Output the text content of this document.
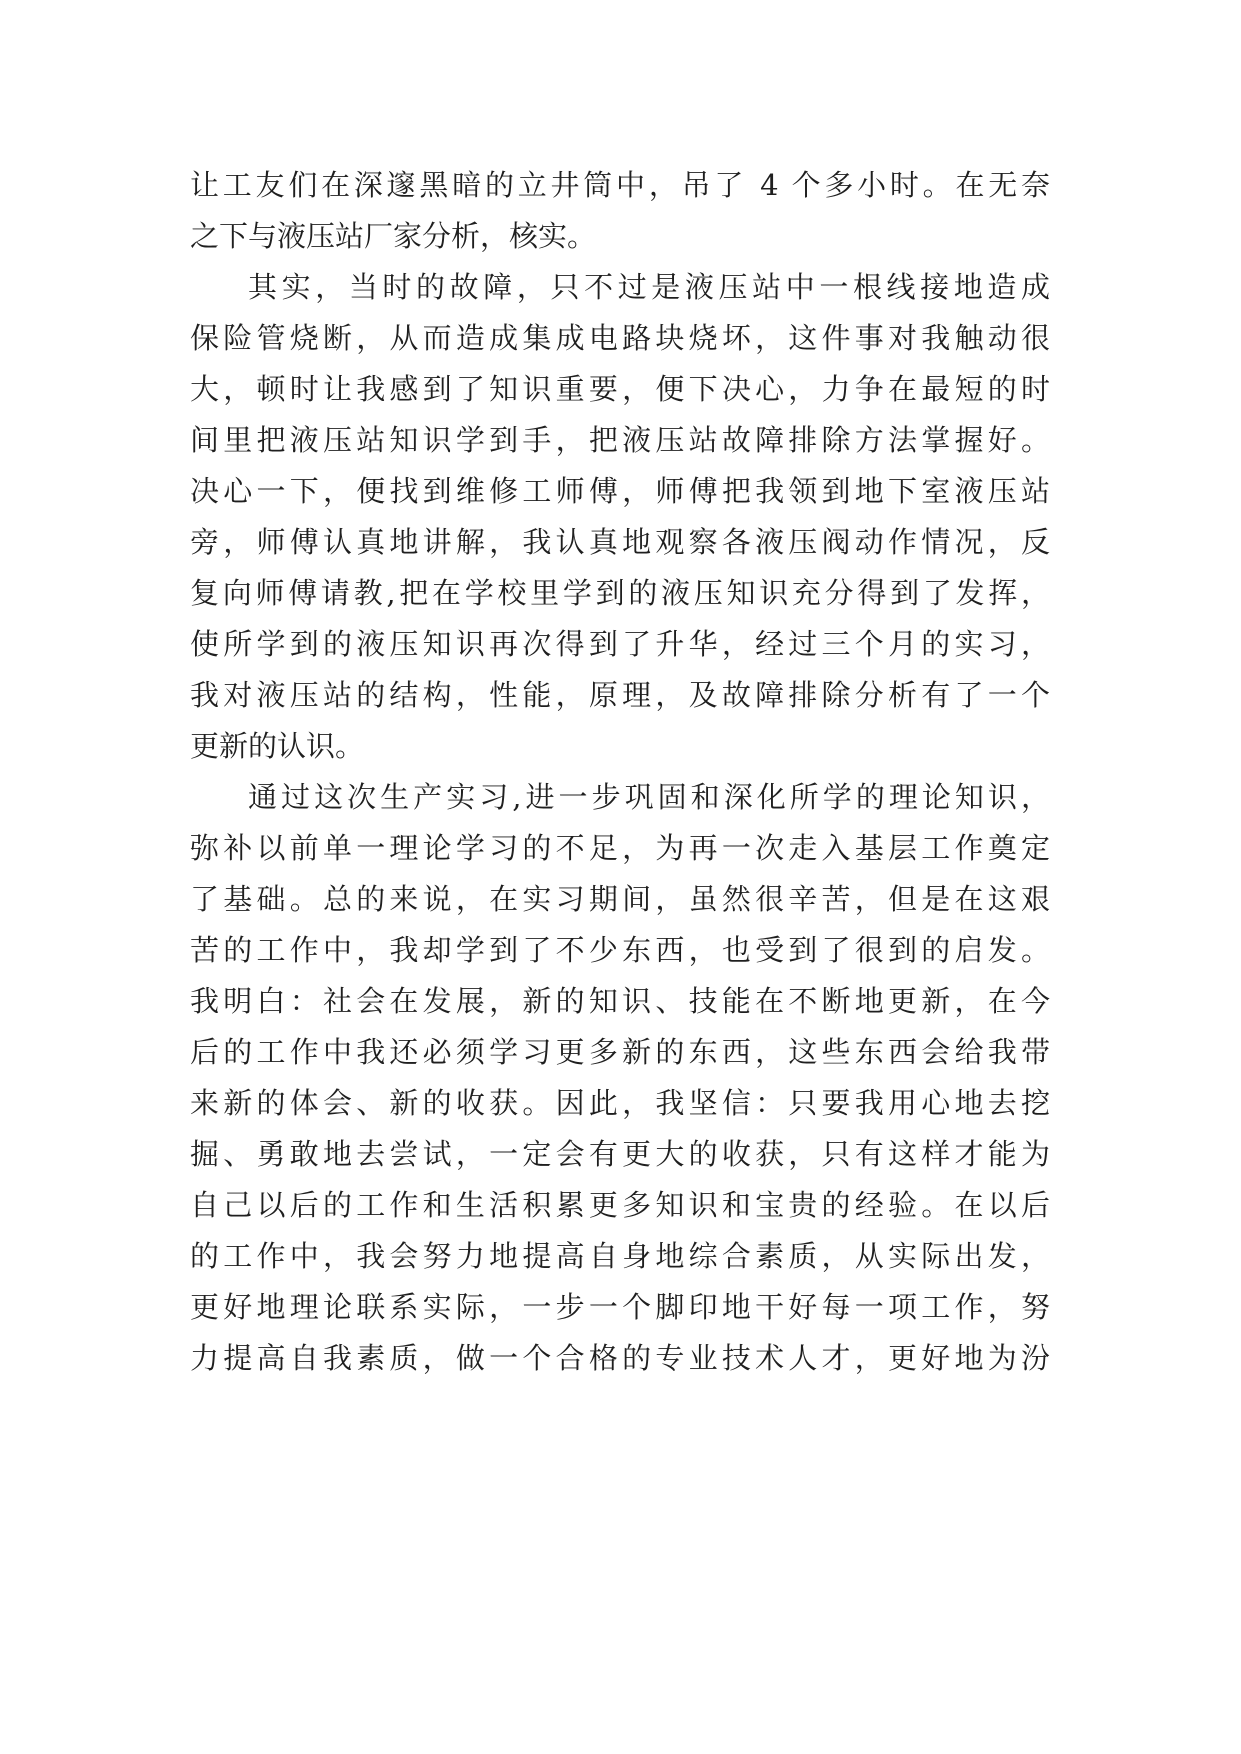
让工友们在深邃黑暗的立井筒中，吊了 4 个多小时。在无奈
之下与液压站厂家分析，核实。
其实，当时的故障，只不过是液压站中一根线接地造成
保险管烧断，从而造成集成电路块烧坏，这件事对我触动很
大，顿时让我感到了知识重要，便下决心，力争在最短的时
间里把液压站知识学到手，把液压站故障排除方法掌握好。
决心一下，便找到维修工师傅，师傅把我领到地下室液压站
旁，师傅认真地讲解，我认真地观察各液压阀动作情况，反
复向师傅请教,把在学校里学到的液压知识充分得到了发挥，
使所学到的液压知识再次得到了升华，经过三个月的实习，
我对液压站的结构，性能，原理，及故障排除分析有了一个
更新的认识。
通过这次生产实习,进一步巩固和深化所学的理论知识，
弥补以前单一理论学习的不足，为再一次走入基层工作奠定
了基础。总的来说，在实习期间，虽然很辛苦，但是在这艰
苦的工作中，我却学到了不少东西，也受到了很到的启发。
我明白：社会在发展，新的知识、技能在不断地更新，在今
后的工作中我还必须学习更多新的东西，这些东西会给我带
来新的体会、新的收获。因此，我坚信：只要我用心地去挖
掘、勇敢地去尝试，一定会有更大的收获，只有这样才能为
自己以后的工作和生活积累更多知识和宝贵的经验。在以后
的工作中，我会努力地提高自身地综合素质，从实际出发，
更好地理论联系实际，一步一个脚印地干好每一项工作，努
力提高自我素质，做一个合格的专业技术人才，更好地为汾
